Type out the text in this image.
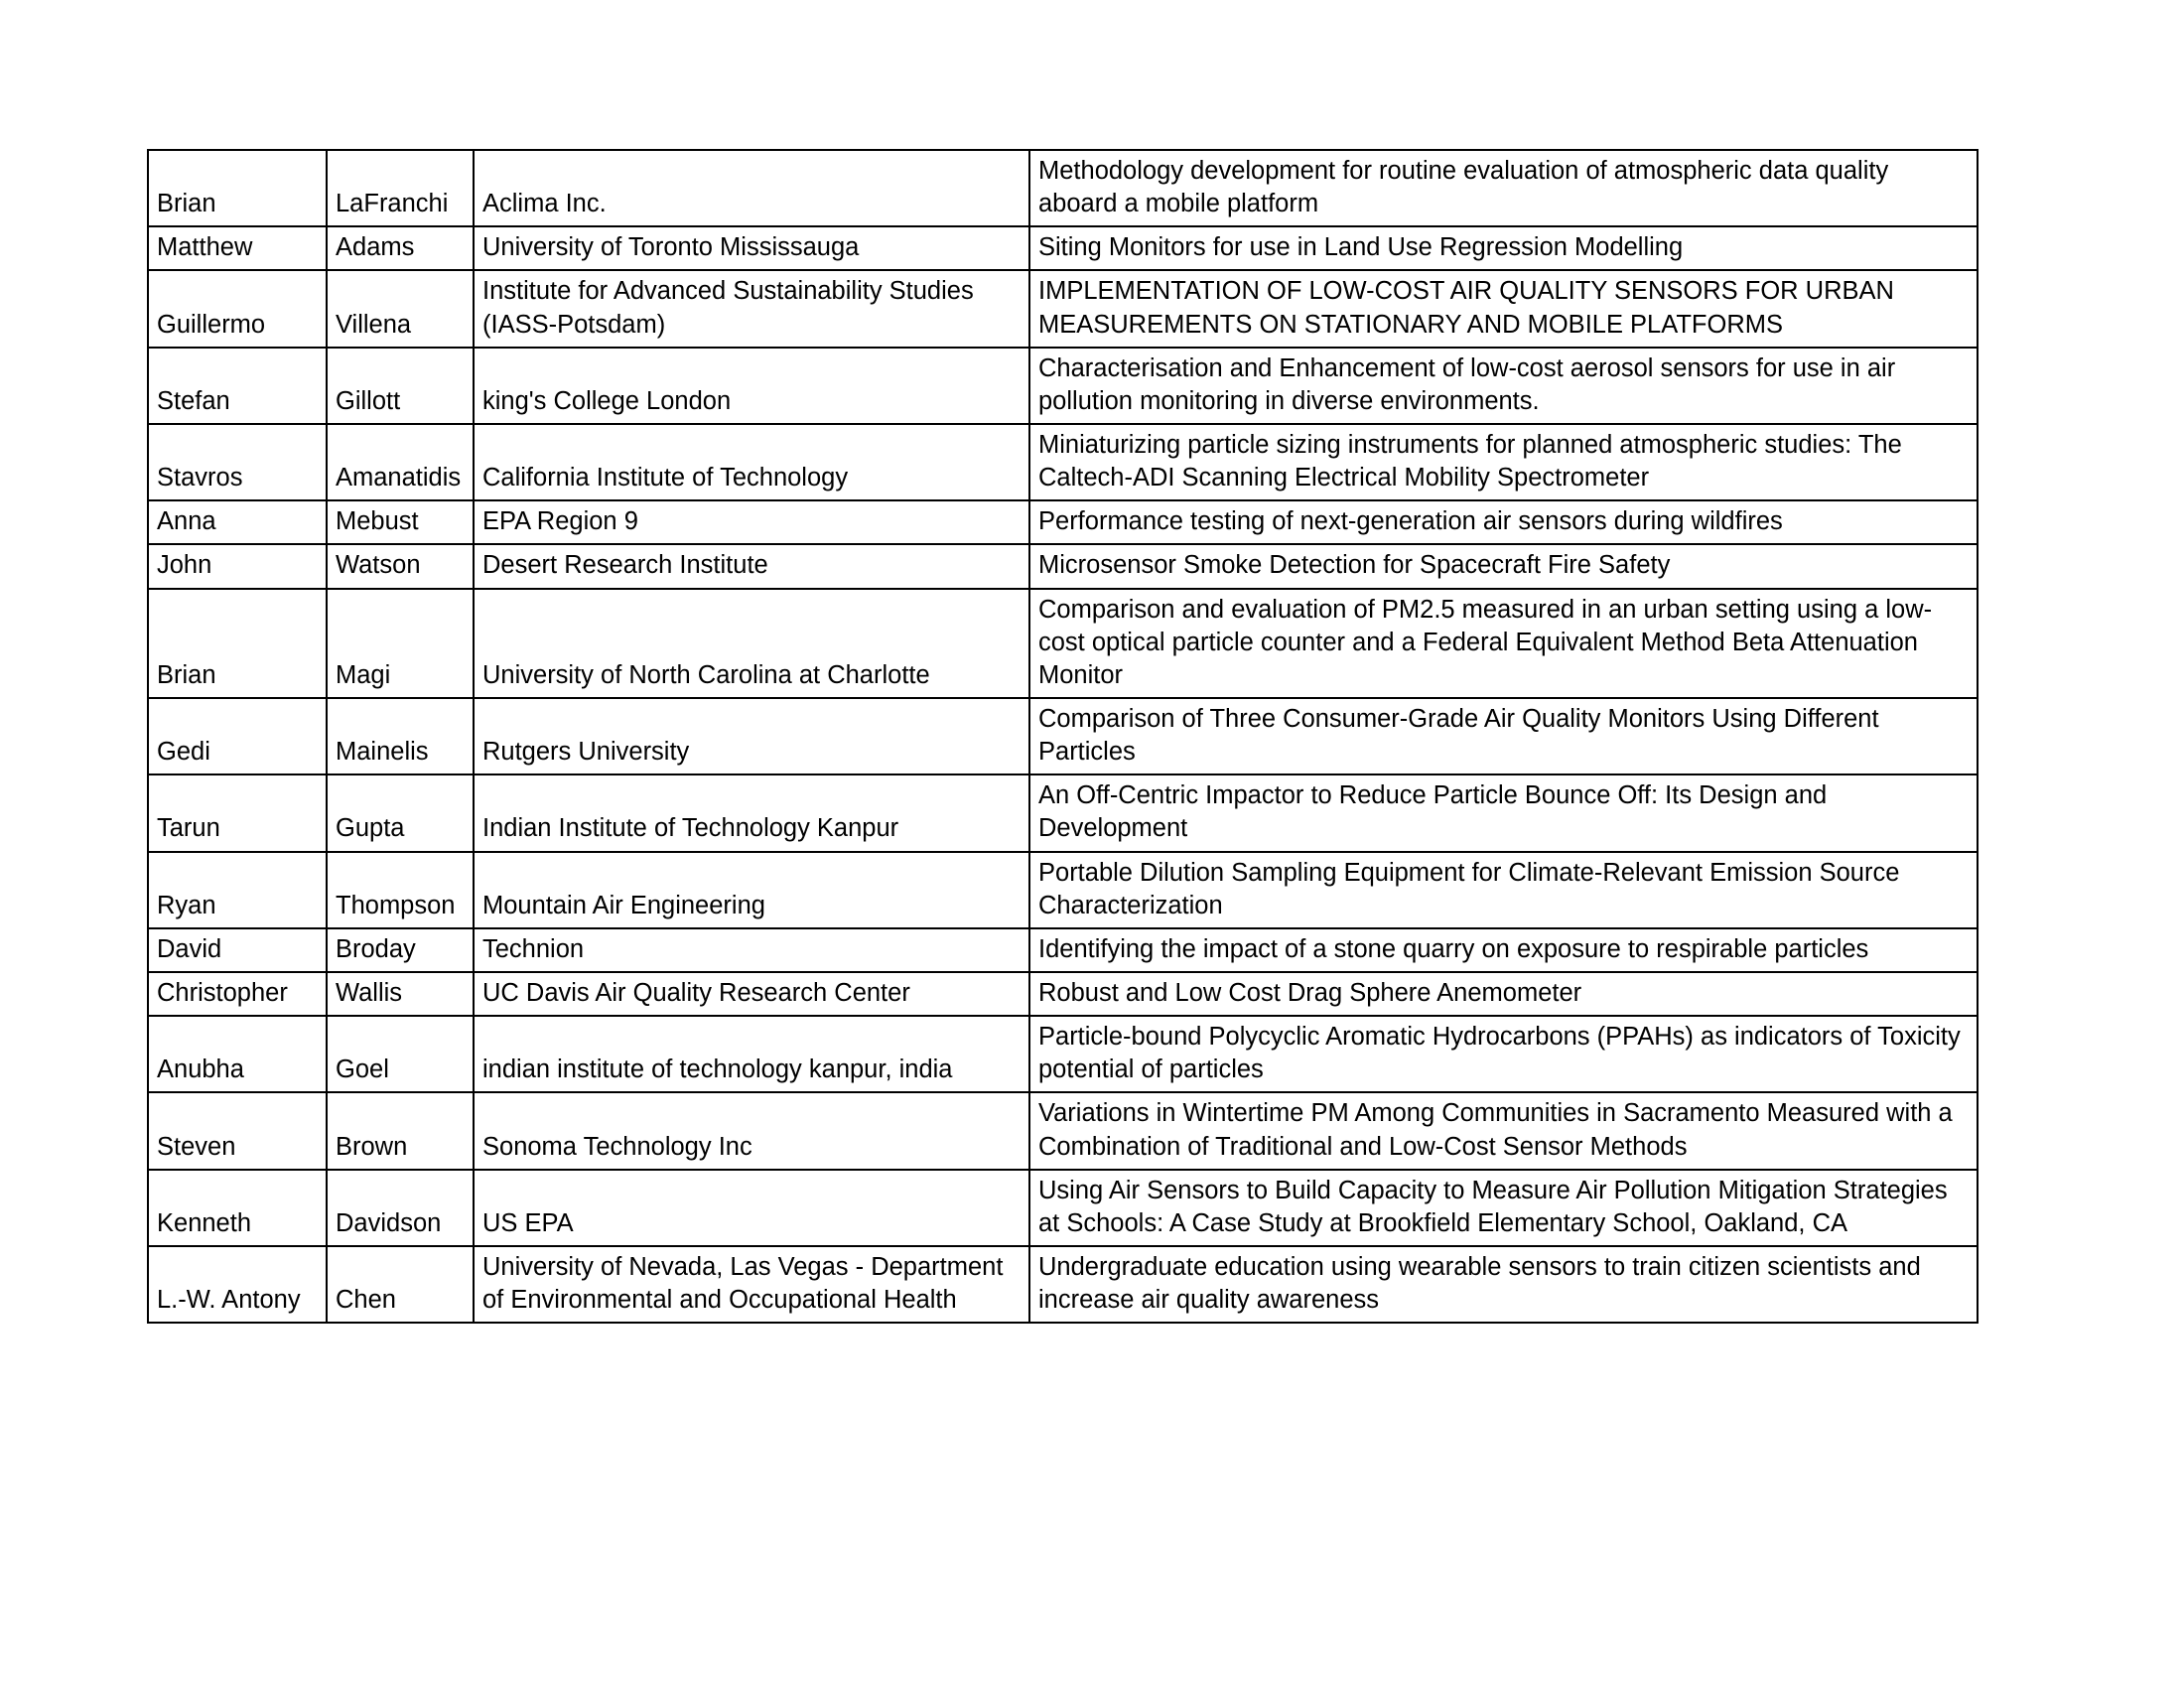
Brian	LaFranchi	Aclima Inc.	Methodology development for routine evaluation of atmospheric data quality aboard a mobile platform
Matthew	Adams	University of Toronto Mississauga	Siting Monitors for use in Land Use Regression Modelling
Guillermo	Villena	Institute for Advanced Sustainability Studies (IASS-Potsdam)	IMPLEMENTATION OF LOW-COST AIR QUALITY SENSORS FOR URBAN MEASUREMENTS ON STATIONARY AND MOBILE PLATFORMS
Stefan	Gillott	king's College London	Characterisation and Enhancement of low-cost aerosol sensors for use in air pollution monitoring in diverse environments.
Stavros	Amanatidis	California Institute of Technology	Miniaturizing particle sizing instruments for planned atmospheric studies: The Caltech-ADI Scanning Electrical Mobility Spectrometer
Anna	Mebust	EPA Region 9	Performance testing of next-generation air sensors during wildfires
John	Watson	Desert Research Institute	Microsensor Smoke Detection for Spacecraft Fire Safety
Brian	Magi	University of North Carolina at Charlotte	Comparison and evaluation of PM2.5 measured in an urban setting using a low-cost optical particle counter and a Federal Equivalent Method Beta Attenuation Monitor
Gedi	Mainelis	Rutgers University	Comparison of Three Consumer-Grade Air Quality Monitors Using Different Particles
Tarun	Gupta	Indian Institute of Technology Kanpur	An Off-Centric Impactor to Reduce Particle Bounce Off: Its Design and Development
Ryan	Thompson	Mountain Air Engineering	Portable Dilution Sampling Equipment for Climate-Relevant Emission Source Characterization
David	Broday	Technion	Identifying the impact of a stone quarry on exposure to respirable particles
Christopher	Wallis	UC Davis Air Quality Research Center	Robust and Low Cost Drag Sphere Anemometer
Anubha	Goel	indian institute of technology kanpur, india	Particle-bound Polycyclic Aromatic Hydrocarbons (PPAHs) as indicators of Toxicity potential of particles
Steven	Brown	Sonoma Technology Inc	Variations in Wintertime PM Among Communities in Sacramento Measured with a Combination of Traditional and Low-Cost Sensor Methods
Kenneth	Davidson	US EPA	Using Air Sensors to Build Capacity to Measure Air Pollution Mitigation Strategies at Schools: A Case Study at Brookfield Elementary School, Oakland, CA
L.-W. Antony	Chen	University of Nevada, Las Vegas - Department of Environmental and Occupational Health	Undergraduate education using wearable sensors to train citizen scientists and increase air quality awareness
